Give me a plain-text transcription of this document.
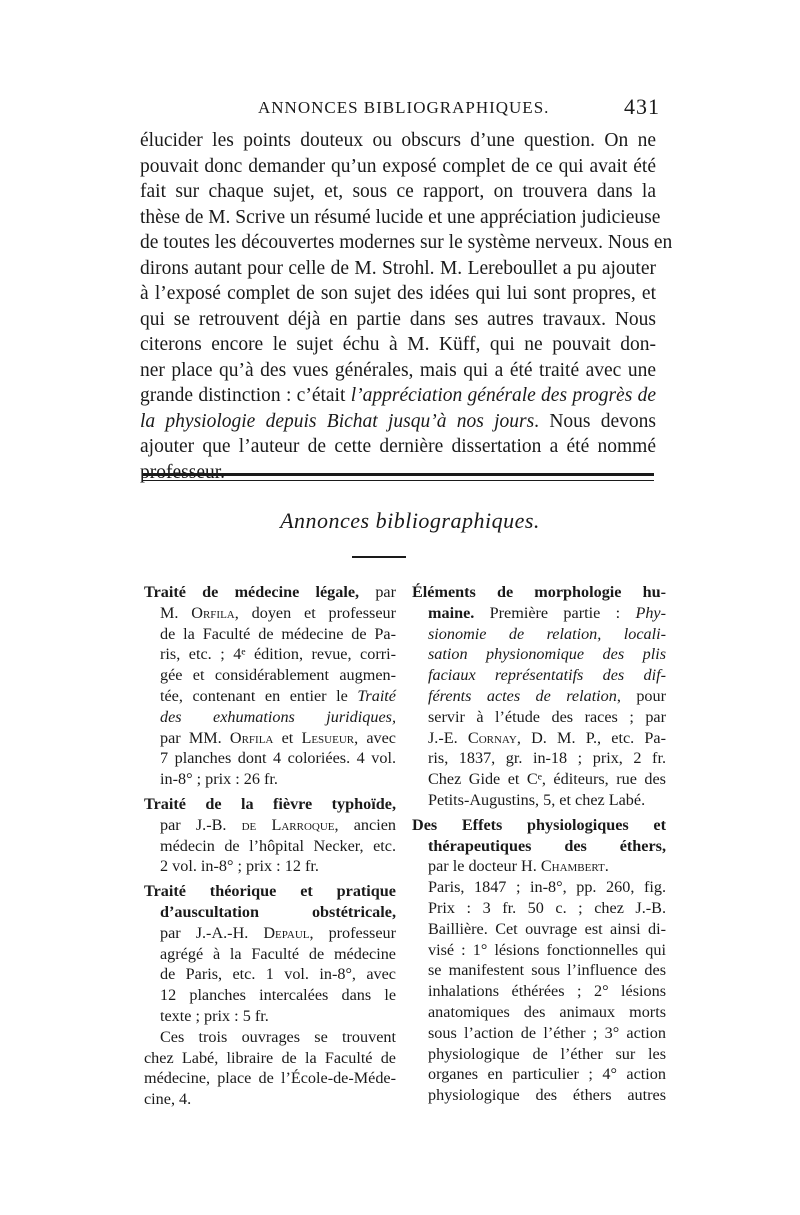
ANNONCES BIBLIOGRAPHIQUES.	431
élucider les points douteux ou obscurs d’une question. On ne
pouvait donc demander qu’un exposé complet de ce qui avait été
fait sur chaque sujet, et, sous ce rapport, on trouvera dans la
thèse de M. Scrive un résumé lucide et une appréciation judicieuse
de toutes les découvertes modernes sur le système nerveux. Nous en
dirons autant pour celle de M. Strohl. M. Lereboullet a pu ajouter
à l’exposé complet de son sujet des idées qui lui sont propres, et
qui se retrouvent déjà en partie dans ses autres travaux. Nous
citerons encore le sujet échu à M. Küff, qui ne pouvait don-
ner place qu’à des vues générales, mais qui a été traité avec une
grande distinction : c’était l’appréciation générale des progrès de
la physiologie depuis Bichat jusqu’à nos jours. Nous devons
ajouter que l’auteur de cette dernière dissertation a été nommé
professeur.
Annonces bibliographiques.
Traité de médecine légale, par
M. Orfila, doyen et professeur
de la Faculté de médecine de Pa-
ris, etc. ; 4ᵉ édition, revue, corri-
gée et considérablement augmen-
tée, contenant en entier le Traité
des exhumations juridiques,
par MM. Orfila et Lesueur, avec
7 planches dont 4 coloriées. 4 vol.
in-8° ; prix : 26 fr.
Traité de la fièvre typhoïde,
par J.-B. de Larroque, ancien
médecin de l’hôpital Necker, etc.
2 vol. in-8° ; prix : 12 fr.
Traité théorique et pratique
d’auscultation obstétricale,
par J.-A.-H. Depaul, professeur
agrégé à la Faculté de médecine
de Paris, etc. 1 vol. in-8°, avec
12 planches intercalées dans le
texte ; prix : 5 fr.
Ces trois ouvrages se trouvent
chez Labé, libraire de la Faculté de
médecine, place de l’École-de-Méde-
cine, 4.
Éléments de morphologie hu-
maine. Première partie : Phy-
sionomie de relation, locali-
sation physionomique des plis
faciaux représentatifs des dif-
férents actes de relation, pour
servir à l’étude des races ; par
J.-E. Cornay, D. M. P., etc. Pa-
ris, 1837, gr. in-18 ; prix, 2 fr.
Chez Gide et Cᵉ, éditeurs, rue des
Petits-Augustins, 5, et chez Labé.
Des Effets physiologiques et
thérapeutiques des éthers,
par le docteur H. Chambert.
Paris, 1847 ; in-8°, pp. 260, fig.
Prix : 3 fr. 50 c. ; chez J.-B.
Baillière. Cet ouvrage est ainsi di-
visé : 1° lésions fonctionnelles qui
se manifestent sous l’influence des
inhalations éthérées ; 2° lésions
anatomiques des animaux morts
sous l’action de l’éther ; 3° action
physiologique de l’éther sur les
organes en particulier ; 4° action
physiologique des éthers autres
